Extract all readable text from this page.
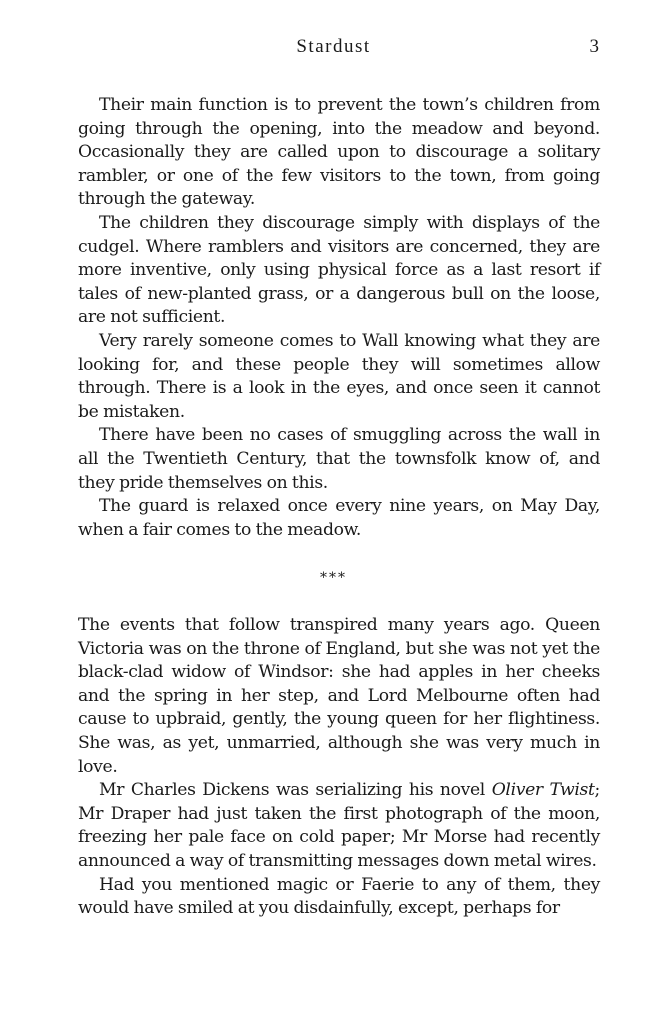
Stardust	3

Their main function is to prevent the town’s children from going through the opening, into the meadow and beyond. Occasionally they are called upon to discourage a solitary rambler, or one of the few visitors to the town, from going through the gateway.

The children they discourage simply with displays of the cudgel. Where ramblers and visitors are concerned, they are more inventive, only using physical force as a last resort if tales of new-planted grass, or a dangerous bull on the loose, are not sufficient.

Very rarely someone comes to Wall knowing what they are looking for, and these people they will sometimes allow through. There is a look in the eyes, and once seen it cannot be mistaken.

There have been no cases of smuggling across the wall in all the Twentieth Century, that the townsfolk know of, and they pride themselves on this.

The guard is relaxed once every nine years, on May Day, when a fair comes to the meadow.

***

The events that follow transpired many years ago. Queen Victoria was on the throne of England, but she was not yet the black-clad widow of Windsor: she had apples in her cheeks and the spring in her step, and Lord Melbourne often had cause to upbraid, gently, the young queen for her flightiness. She was, as yet, unmarried, although she was very much in love.

Mr Charles Dickens was serializing his novel Oliver Twist; Mr Draper had just taken the first photograph of the moon, freezing her pale face on cold paper; Mr Morse had recently announced a way of transmitting messages down metal wires.

Had you mentioned magic or Faerie to any of them, they would have smiled at you disdainfully, except, perhaps for
